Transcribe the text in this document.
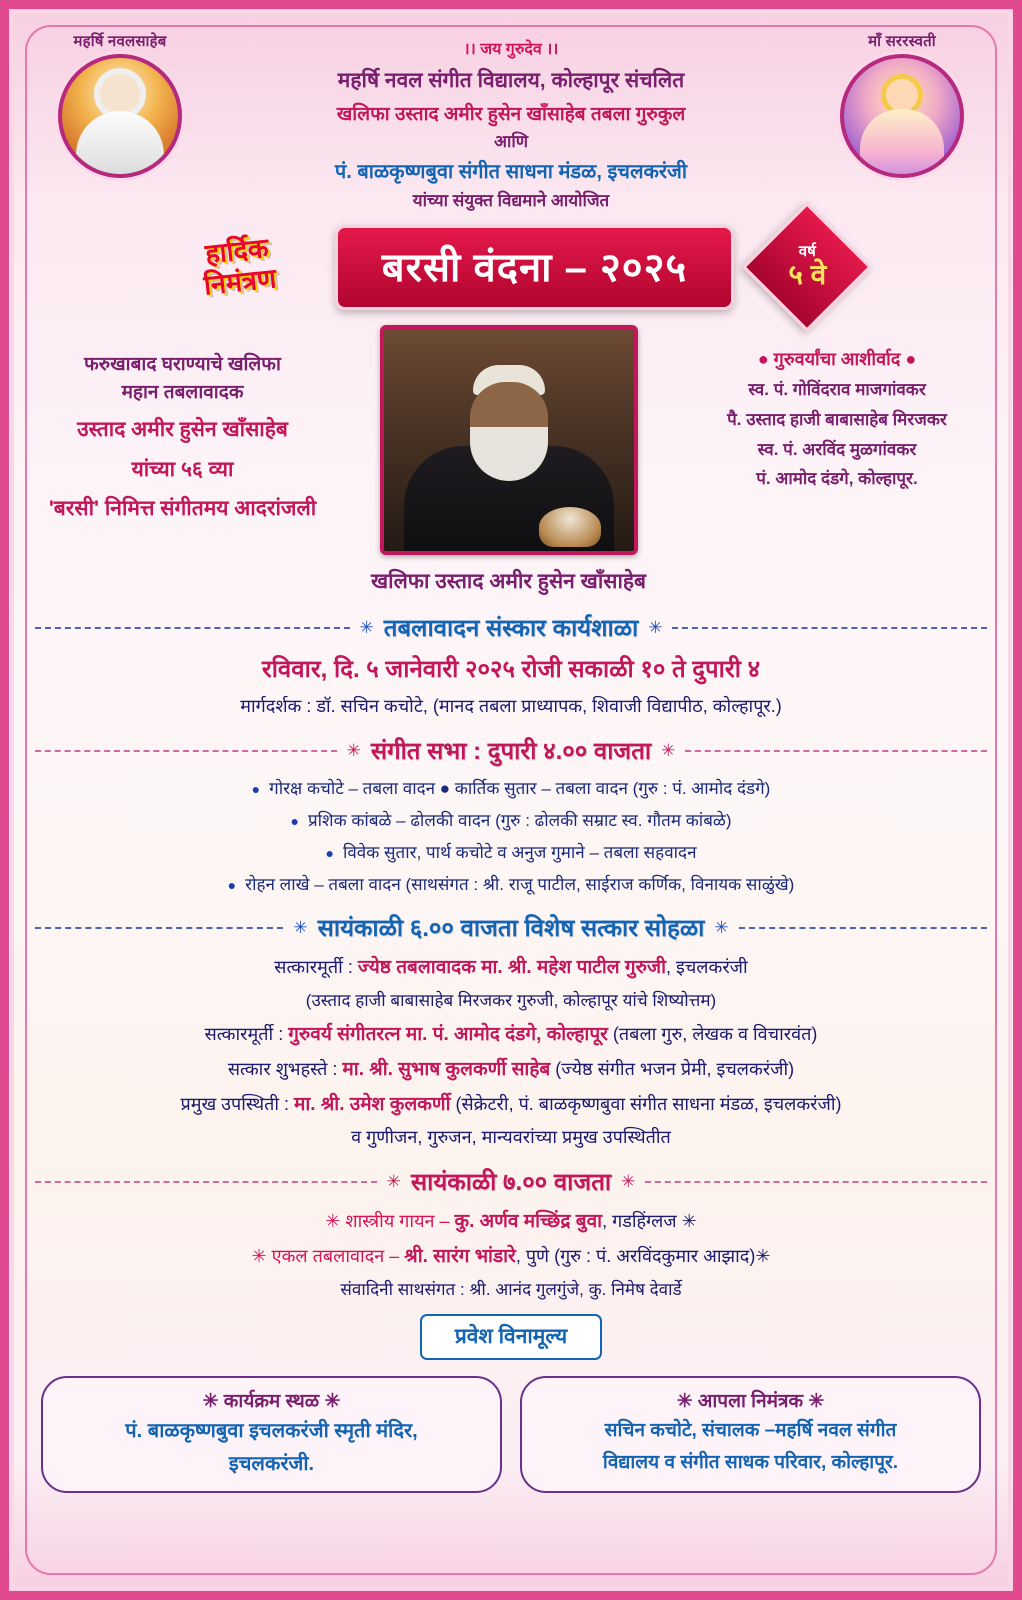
महर्षि नवलसाहेब	।। जय गुरुदेव ।।
महर्षि नवल संगीत विद्यालय, कोल्हापूर संचलित
खलिफा उस्ताद अमीर हुसेन खाँसाहेब तबला गुरुकुल
आणि
पं. बाळकृष्णबुवा संगीत साधना मंडळ, इचलकरंजी
यांच्या संयुक्त विद्यमाने आयोजित
माँ सररस्वती
हार्दिक
निमंत्रण	बरसी वंदना – २०२५	वर्ष
५ वे
फरुखाबाद घराण्याचे खलिफा
महान तबलावादक
उस्ताद अमीर हुसेन खाँसाहेब
यांच्या ५६ व्या
'बरसी' निमित्त संगीतमय आदरांजली
खलिफा उस्ताद अमीर हुसेन खाँसाहेब
● गुरुवर्यांचा आशीर्वाद ●
स्व. पं. गोविंदराव माजगांवकर
पै. उस्ताद हाजी बाबासाहेब मिरजकर
स्व. पं. अरविंद मुळगांवकर
पं. आमोद दंडगे, कोल्हापूर.
✳ तबलावादन संस्कार कार्यशाळा ✳
रविवार, दि. ५ जानेवारी २०२५ रोजी सकाळी १० ते दुपारी ४
मार्गदर्शक : डॉ. सचिन कचोटे, (मानद तबला प्राध्यापक, शिवाजी विद्यापीठ, कोल्हापूर.)
✳ संगीत सभा : दुपारी ४.०० वाजता ✳
● गोरक्ष कचोटे – तबला वादन ● कार्तिक सुतार – तबला वादन (गुरु : पं. आमोद दंडगे)
● प्रशिक कांबळे – ढोलकी वादन (गुरु : ढोलकी सम्राट स्व. गौतम कांबळे)
● विवेक सुतार, पार्थ कचोटे व अनुज गुमाने – तबला सहवादन
● रोहन लाखे – तबला वादन (साथसंगत : श्री. राजू पाटील, साईराज कर्णिक, विनायक साळुंखे)
✳ सायंकाळी ६.०० वाजता विशेष सत्कार सोहळा ✳
सत्कारमूर्ती : ज्येष्ठ तबलावादक मा. श्री. महेश पाटील गुरुजी, इचलकरंजी
(उस्ताद हाजी बाबासाहेब मिरजकर गुरुजी, कोल्हापूर यांचे शिष्योत्तम)
सत्कारमूर्ती : गुरुवर्य संगीतरत्न मा. पं. आमोद दंडगे, कोल्हापूर (तबला गुरु, लेखक व विचारवंत)
सत्कार शुभहस्ते : मा. श्री. सुभाष कुलकर्णी साहेब (ज्येष्ठ संगीत भजन प्रेमी, इचलकरंजी)
प्रमुख उपस्थिती : मा. श्री. उमेश कुलकर्णी (सेक्रेटरी, पं. बाळकृष्णबुवा संगीत साधना मंडळ, इचलकरंजी)
व गुणीजन, गुरुजन, मान्यवरांच्या प्रमुख उपस्थितीत
✳ सायंकाळी ७.०० वाजता ✳
✳ शास्त्रीय गायन – कु. अर्णव मच्छिंद्र बुवा, गडहिंग्लज ✳
✳ एकल तबलावादन – श्री. सारंग भांडारे, पुणे (गुरु : पं. अरविंदकुमार आझाद)✳
संवादिनी साथसंगत : श्री. आनंद गुलगुंजे, कु. निमेष देवार्डे
प्रवेश विनामूल्य
✳ कार्यक्रम स्थळ ✳
पं. बाळकृष्णबुवा इचलकरंजी स्मृती मंदिर,
इचलकरंजी.
✳ आपला निमंत्रक ✳
सचिन कचोटे, संचालक –महर्षि नवल संगीत
विद्यालय व संगीत साधक परिवार, कोल्हापूर.
